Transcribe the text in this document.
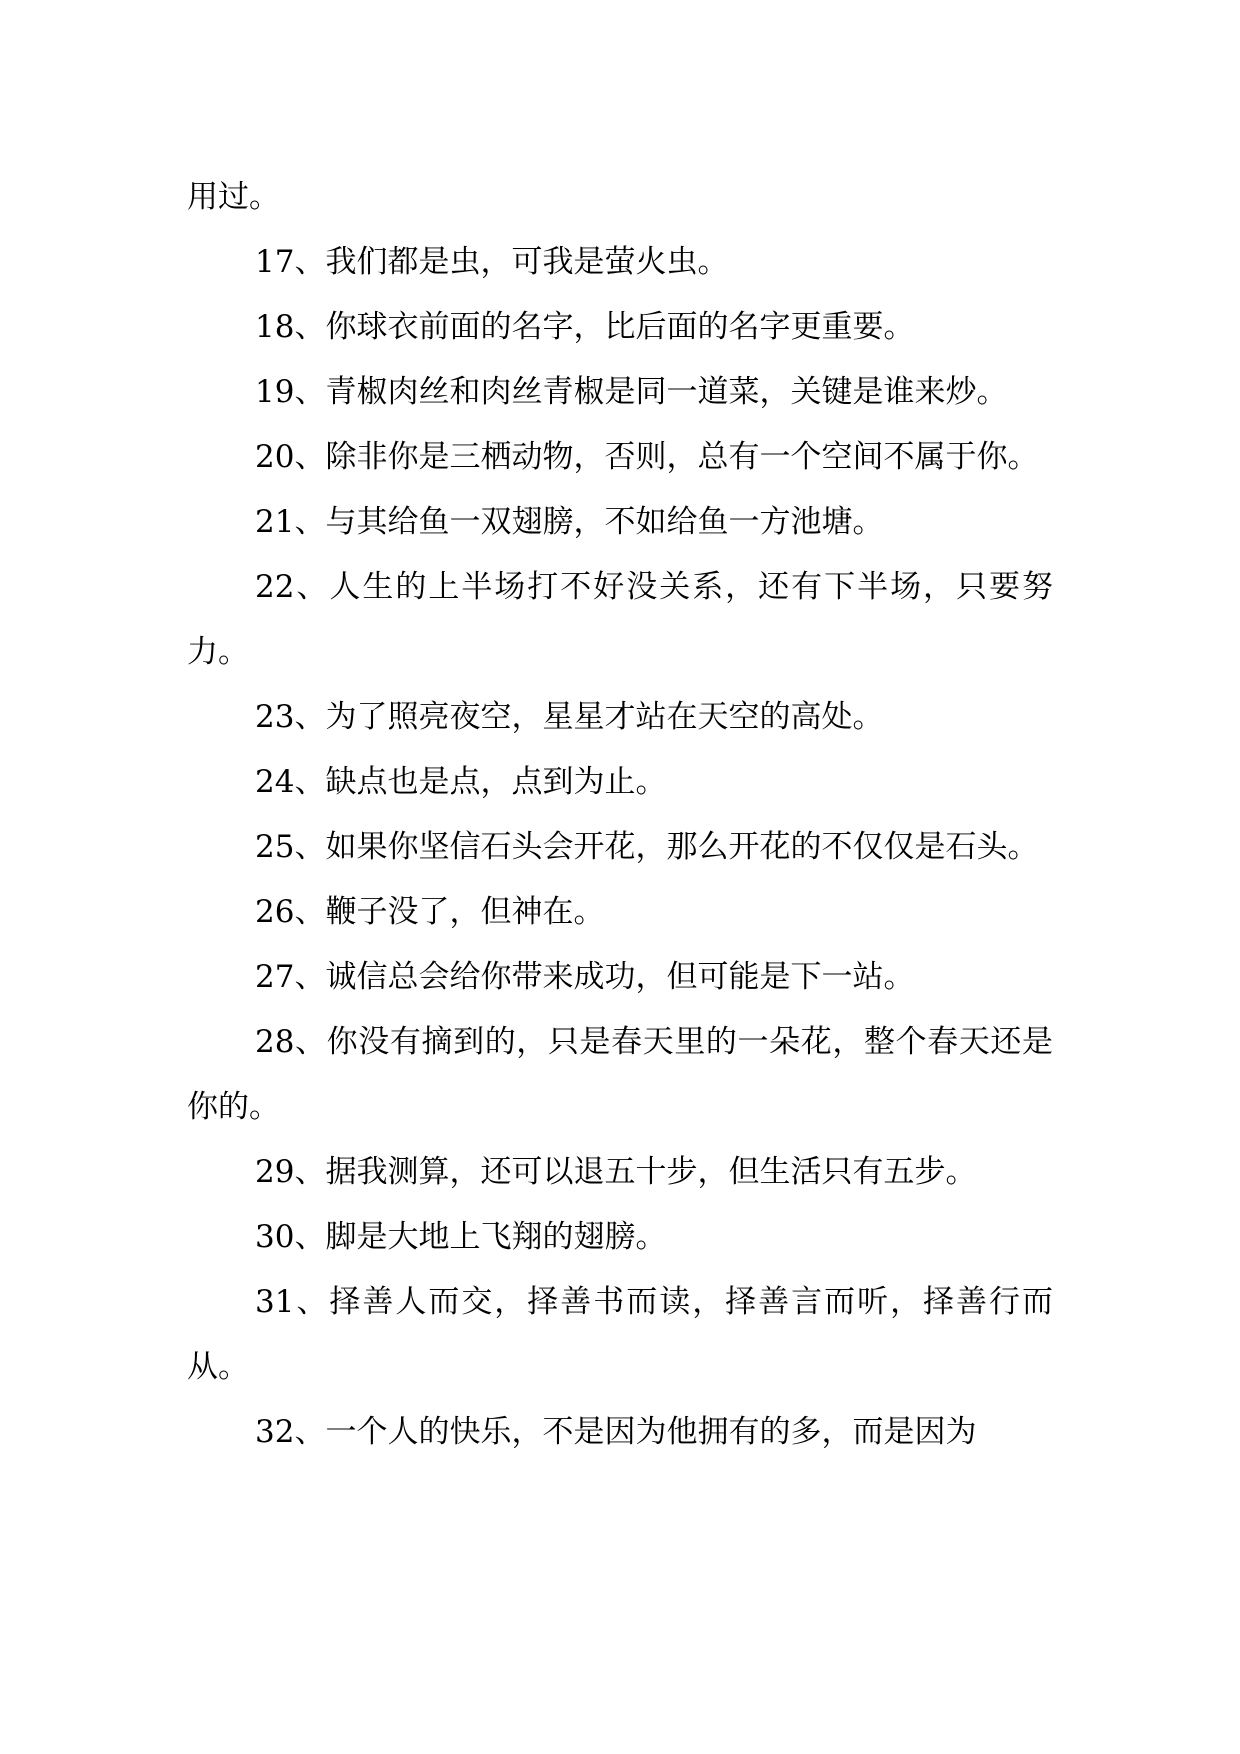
用过。

17、我们都是虫，可我是萤火虫。

18、你球衣前面的名字，比后面的名字更重要。

19、青椒肉丝和肉丝青椒是同一道菜，关键是谁来炒。

20、除非你是三栖动物，否则，总有一个空间不属于你。

21、与其给鱼一双翅膀，不如给鱼一方池塘。

22、人生的上半场打不好没关系，还有下半场，只要努力。

23、为了照亮夜空，星星才站在天空的高处。

24、缺点也是点，点到为止。

25、如果你坚信石头会开花，那么开花的不仅仅是石头。

26、鞭子没了，但神在。

27、诚信总会给你带来成功，但可能是下一站。

28、你没有摘到的，只是春天里的一朵花，整个春天还是你的。

29、据我测算，还可以退五十步，但生活只有五步。

30、脚是大地上飞翔的翅膀。

31、择善人而交，择善书而读，择善言而听，择善行而从。

32、一个人的快乐，不是因为他拥有的多，而是因为
